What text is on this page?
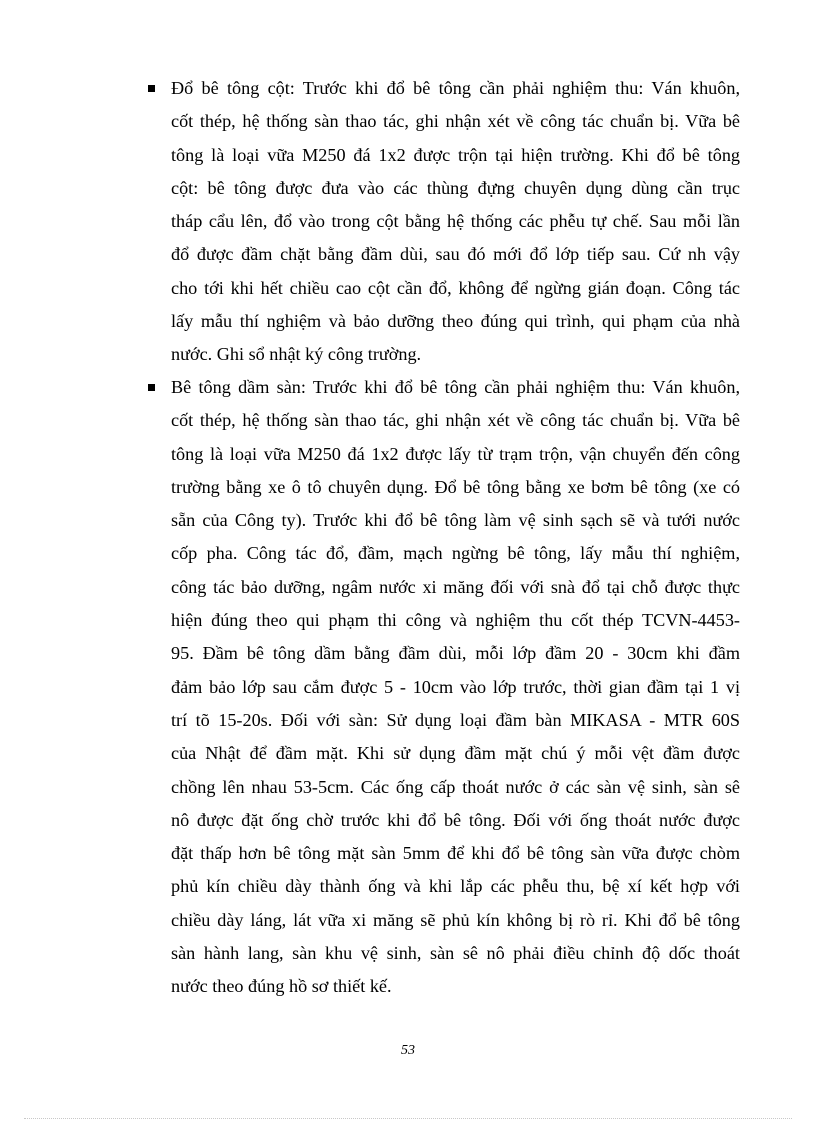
Đổ bê tông cột: Trước khi đổ bê tông cần phải nghiệm thu: Ván khuôn,
cốt thép, hệ thống sàn thao tác, ghi nhận xét về công tác chuẩn bị. Vữa bê
tông là loại vữa M250 đá 1x2 được trộn tại hiện trường. Khi đổ bê tông
cột: bê tông được đưa vào các thùng đựng chuyên dụng dùng cần trục
tháp cẩu lên, đổ vào trong cột bằng hệ thống các phễu tự chế. Sau mỗi lần
đổ được đầm chặt bằng đầm dùi, sau đó mới đổ lớp tiếp sau. Cứ nh vậy
cho tới khi hết chiều cao cột cần đổ, không để ngừng gián đoạn. Công tác
lấy mẫu thí nghiệm và bảo dưỡng theo đúng qui trình, qui phạm của nhà
nước. Ghi sổ nhật ký công trường.
Bê tông dầm sàn: Trước khi đổ bê tông cần phải nghiệm thu: Ván khuôn,
cốt thép, hệ thống sàn thao tác, ghi nhận xét về công tác chuẩn bị. Vữa bê
tông là loại vữa M250 đá 1x2 được lấy từ trạm trộn, vận chuyển đến công
trường bằng xe ô tô chuyên dụng. Đổ bê tông bằng xe bơm bê tông (xe có
sẵn của Công ty). Trước khi đổ bê tông làm vệ sinh sạch sẽ và tưới nước
cốp pha. Công tác đổ, đầm, mạch ngừng bê tông, lấy mẫu thí nghiệm,
công tác bảo dưỡng, ngâm nước xi măng đối với snà đổ tại chỗ được thực
hiện đúng theo qui phạm thi công và nghiệm thu cốt thép TCVN-4453-
95. Đầm bê tông dầm bằng đầm dùi, mỗi lớp đầm 20 - 30cm khi đầm
đảm bảo lớp sau cắm được 5 - 10cm vào lớp trước, thời gian đầm tại 1 vị
trí tõ 15-20s. Đối với sàn: Sử dụng loại đầm bàn MIKASA - MTR 60S
của Nhật để đầm mặt. Khi sử dụng đầm mặt chú ý mỗi vệt đầm được
chồng lên nhau 53-5cm. Các ống cấp thoát nước ở các sàn vệ sinh, sàn sê
nô được đặt ống chờ trước khi đổ bê tông. Đối với ống thoát nước được
đặt thấp hơn bê tông mặt sàn 5mm để khi đổ bê tông sàn vữa được chòm
phủ kín chiều dày thành ống và khi lắp các phễu thu, bệ xí kết hợp với
chiều dày láng, lát vữa xi măng sẽ phủ kín không bị rò rỉ. Khi đổ bê tông
sàn hành lang, sàn khu vệ sinh, sàn sê nô phải điều chỉnh độ dốc thoát
nước theo đúng hồ sơ thiết kế.
53
